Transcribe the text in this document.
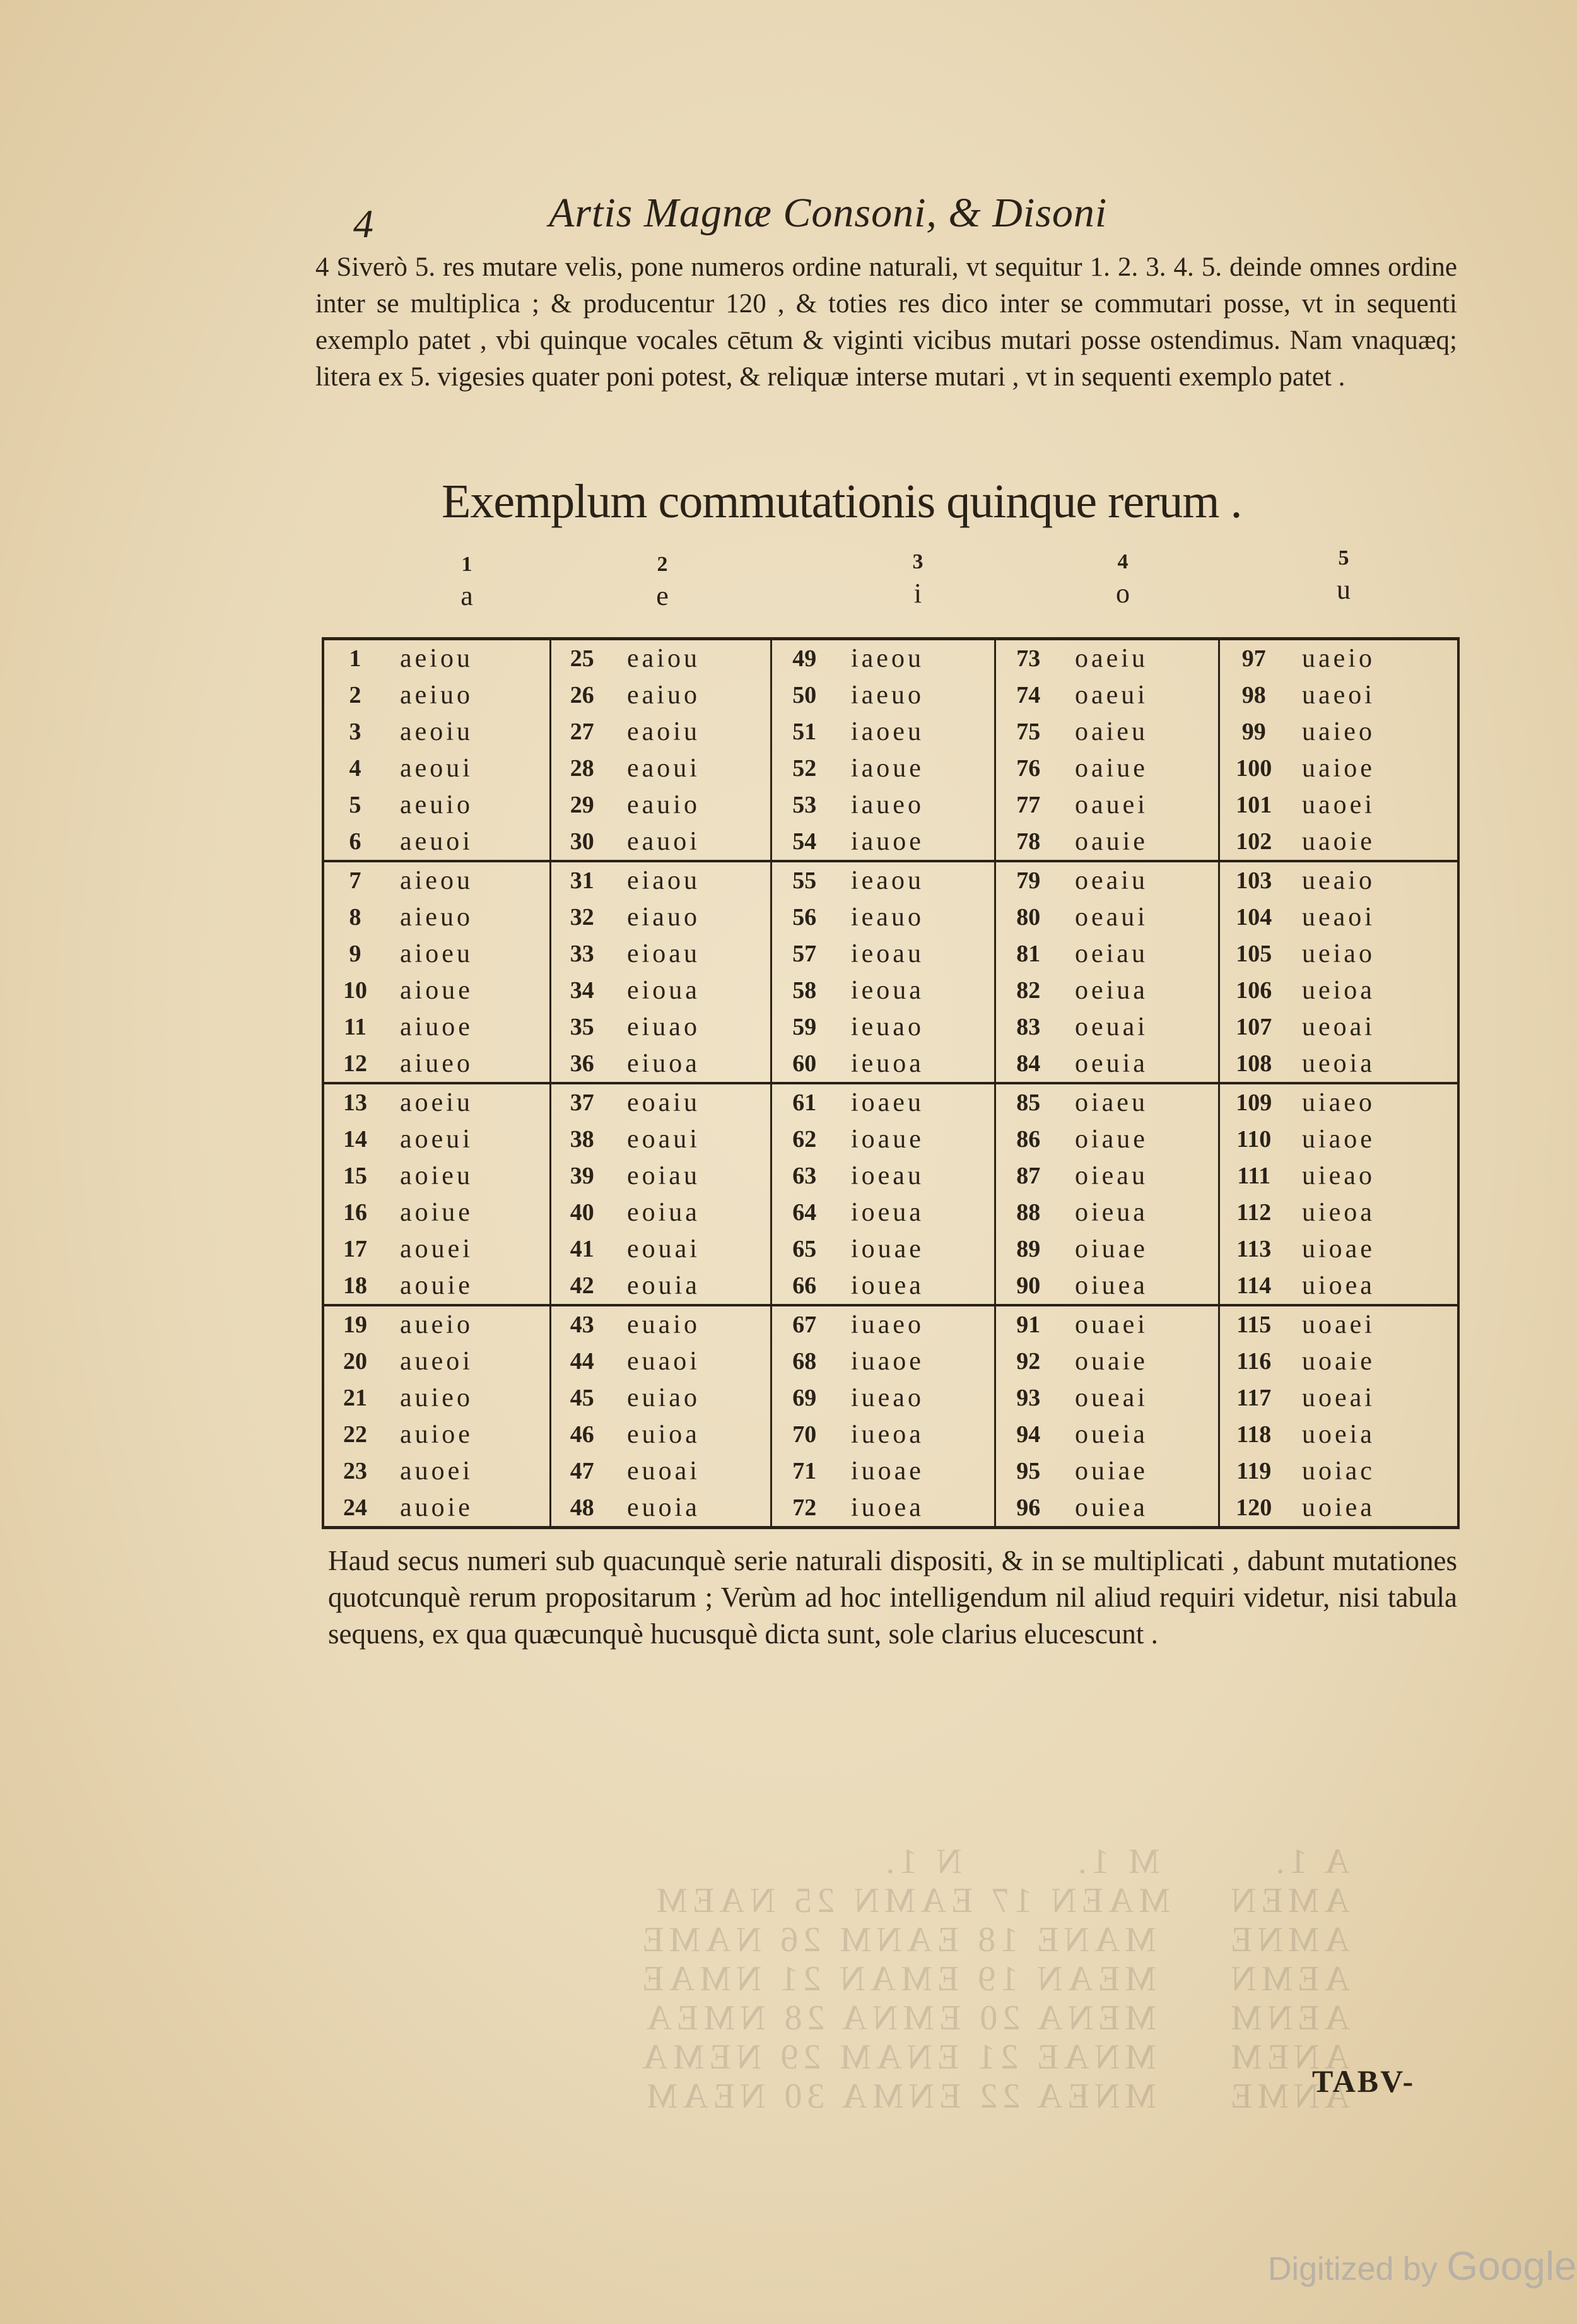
4	Artis Magnæ Consoni, & Disoni

4 Siverò 5. res mutare velis, pone numeros ordine naturali, vt sequitur 1. 2. 3. 4. 5. deinde omnes ordine inter se multiplica ; & producentur 120 , & toties res dico inter se commutari posse, vt in sequenti exemplo patet , vbi quinque vocales cētum & viginti vicibus mutari posse ostendimus. Nam vnaquæq; litera ex 5. vigesies quater poni potest, & reliquæ interse mutari , vt in sequenti exemplo patet .

Exemplum commutationis quinque rerum .
1
a
2
e
3
i
4
o
5
u
1	aeiou	25	eaiou	49	iaeou	73	oaeiu	97	uaeio
2	aeiuo	26	eaiuo	50	iaeuo	74	oaeui	98	uaeoi
3	aeoiu	27	eaoiu	51	iaoeu	75	oaieu	99	uaieo
4	aeoui	28	eaoui	52	iaoue	76	oaiue	100	uaioe
5	aeuio	29	eauio	53	iaueo	77	oauei	101	uaoei
6	aeuoi	30	eauoi	54	iauoe	78	oauie	102	uaoie
7	aieou	31	eiaou	55	ieaou	79	oeaiu	103	ueaio
8	aieuo	32	eiauo	56	ieauo	80	oeaui	104	ueaoi
9	aioeu	33	eioau	57	ieoau	81	oeiau	105	ueiao
10	aioue	34	eioua	58	ieoua	82	oeiua	106	ueioa
11	aiuoe	35	eiuao	59	ieuao	83	oeuai	107	ueoai
12	aiueo	36	eiuoa	60	ieuoa	84	oeuia	108	ueoia
13	aoeiu	37	eoaiu	61	ioaeu	85	oiaeu	109	uiaeo
14	aoeui	38	eoaui	62	ioaue	86	oiaue	110	uiaoe
15	aoieu	39	eoiau	63	ioeau	87	oieau	111	uieao
16	aoiue	40	eoiua	64	ioeua	88	oieua	112	uieoa
17	aouei	41	eouai	65	iouae	89	oiuae	113	uioae
18	aouie	42	eouia	66	iouea	90	oiuea	114	uioea
19	aueio	43	euaio	67	iuaeo	91	ouaei	115	uoaei
20	aueoi	44	euaoi	68	iuaoe	92	ouaie	116	uoaie
21	auieo	45	euiao	69	iueao	93	oueai	117	uoeai
22	auioe	46	euioa	70	iueoa	94	oueia	118	uoeia
23	auoei	47	euoai	71	iuoae	95	ouiae	119	uoiac
24	auoie	48	euoia	72	iuoea	96	ouiea	120	uoiea

Haud secus numeri sub quacunquè serie naturali dispositi, & in se multiplicati , dabunt mutationes quotcunquè rerum propositarum ; Verùm ad hoc intelligendum nil aliud requiri videtur, nisi tabula sequens, ex qua quæcunquè hucusquè dicta sunt, sole clarius elucescunt .

A 1.        M 1.        N 1.
AMEN    MAEN 17 EAMN 25 NAEM
AMNE     MANE 18 EANM 26 NAME
AEMN     MEAN 19 EMAN 21 NMAE
AENM     MENA 20 EMNA 28 NMEA
ANEM     MNAE 21 ENAM 29 NEMA
ANME     MNEA 22 ENMA 30 NEAM	TABV-
Digitized by Google
